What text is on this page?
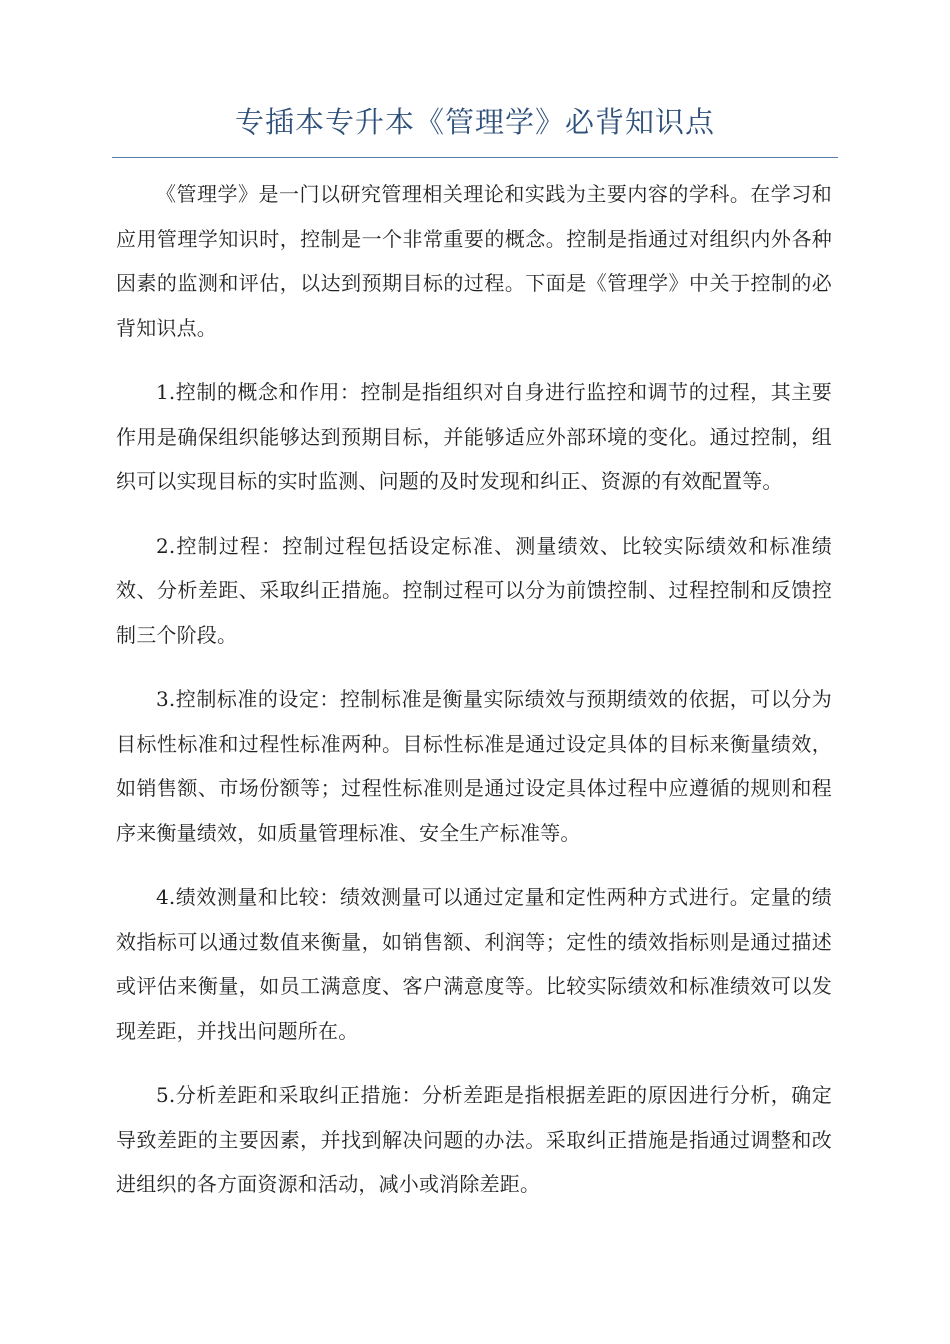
专插本专升本《管理学》必背知识点

《管理学》是一门以研究管理相关理论和实践为主要内容的学科。在学习和应用管理学知识时，控制是一个非常重要的概念。控制是指通过对组织内外各种因素的监测和评估，以达到预期目标的过程。下面是《管理学》中关于控制的必背知识点。

1.控制的概念和作用：控制是指组织对自身进行监控和调节的过程，其主要作用是确保组织能够达到预期目标，并能够适应外部环境的变化。通过控制，组织可以实现目标的实时监测、问题的及时发现和纠正、资源的有效配置等。

2.控制过程：控制过程包括设定标准、测量绩效、比较实际绩效和标准绩效、分析差距、采取纠正措施。控制过程可以分为前馈控制、过程控制和反馈控制三个阶段。

3.控制标准的设定：控制标准是衡量实际绩效与预期绩效的依据，可以分为目标性标准和过程性标准两种。目标性标准是通过设定具体的目标来衡量绩效，如销售额、市场份额等；过程性标准则是通过设定具体过程中应遵循的规则和程序来衡量绩效，如质量管理标准、安全生产标准等。

4.绩效测量和比较：绩效测量可以通过定量和定性两种方式进行。定量的绩效指标可以通过数值来衡量，如销售额、利润等；定性的绩效指标则是通过描述或评估来衡量，如员工满意度、客户满意度等。比较实际绩效和标准绩效可以发现差距，并找出问题所在。

5.分析差距和采取纠正措施：分析差距是指根据差距的原因进行分析，确定导致差距的主要因素，并找到解决问题的办法。采取纠正措施是指通过调整和改进组织的各方面资源和活动，减小或消除差距。
